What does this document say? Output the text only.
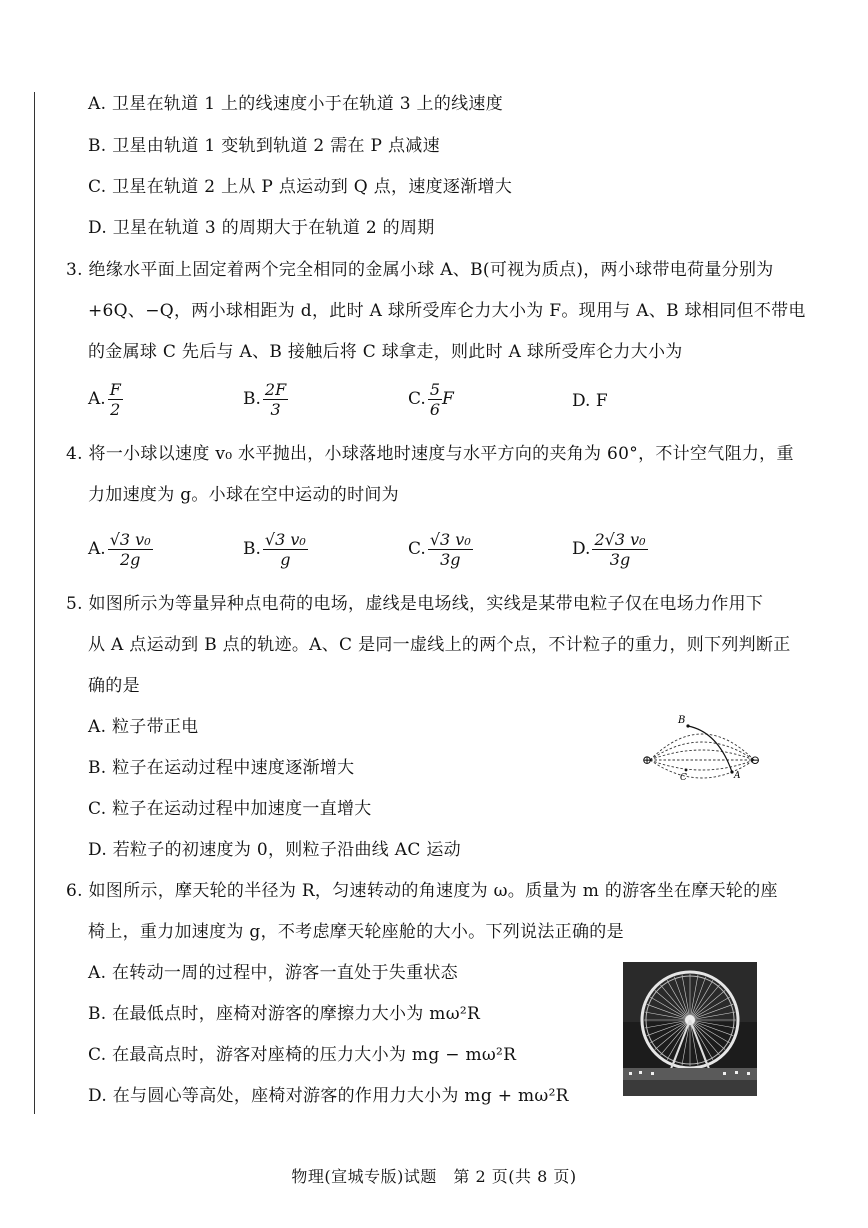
A. 卫星在轨道 1 上的线速度小于在轨道 3 上的线速度
B. 卫星由轨道 1 变轨到轨道 2 需在 P 点减速
C. 卫星在轨道 2 上从 P 点运动到 Q 点，速度逐渐增大
D. 卫星在轨道 3 的周期大于在轨道 2 的周期
3. 绝缘水平面上固定着两个完全相同的金属小球 A、B(可视为质点)，两小球带电荷量分别为
+6Q、−Q，两小球相距为 d，此时 A 球所受库仑力大小为 F。现用与 A、B 球相同但不带电
的金属球 C 先后与 A、B 接触后将 C 球拿走，则此时 A 球所受库仑力大小为
A. $\frac{F}{2}$	B. $\frac{2F}{3}$	C. $\frac{5}{6}$ F	D. F
4. 将一小球以速度 v₀ 水平抛出，小球落地时速度与水平方向的夹角为 60°，不计空气阻力，重
力加速度为 g。小球在空中运动的时间为
A. $\frac{\text{√3 v₀}}{2g}$	B. $\frac{\text{√3 v₀}}{g}$	C. $\frac{\text{√3 v₀}}{3g}$	D. $\frac{\text{2√3 v₀}}{3g}$
5. 如图所示为等量异种点电荷的电场，虚线是电场线，实线是某带电粒子仅在电场力作用下
从 A 点运动到 B 点的轨迹。A、C 是同一虚线上的两个点，不计粒子的重力，则下列判断正
确的是
A. 粒子带正电
B. 粒子在运动过程中速度逐渐增大
C. 粒子在运动过程中加速度一直增大
D. 若粒子的初速度为 0，则粒子沿曲线 AC 运动
B
C	A
⊕	⊖
6. 如图所示，摩天轮的半径为 R，匀速转动的角速度为 ω。质量为 m 的游客坐在摩天轮的座
椅上，重力加速度为 g，不考虑摩天轮座舱的大小。下列说法正确的是
A. 在转动一周的过程中，游客一直处于失重状态
B. 在最低点时，座椅对游客的摩擦力大小为 mω²R
C. 在最高点时，游客对座椅的压力大小为 mg − mω²R
D. 在与圆心等高处，座椅对游客的作用力大小为 mg + mω²R
物理(宣城专版)试题　第 2 页(共 8 页)
